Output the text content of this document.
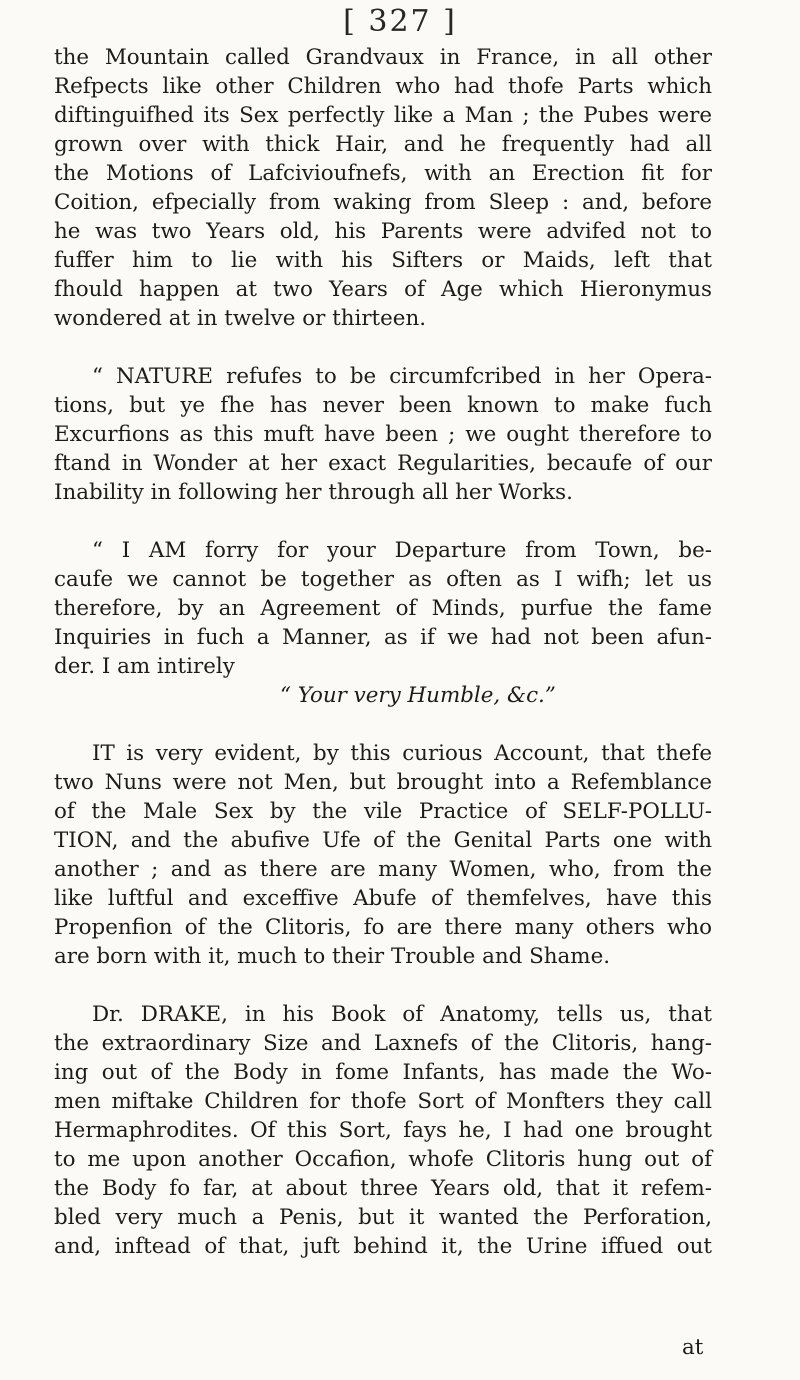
[ 327 ]
the Mountain called Grandvaux in France, in all other
Refpects like other Children who had thofe Parts which
diftinguifhed its Sex perfectly like a Man ; the Pubes were
grown over with thick Hair, and he frequently had all
the Motions of Lafcivioufnefs, with an Erection fit for
Coition, efpecially from waking from Sleep : and, before
he was two Years old, his Parents were advifed not to
fuffer him to lie with his Sifters or Maids, left that
fhould happen at two Years of Age which Hieronymus
wondered at in twelve or thirteen.
“ NATURE refufes to be circumfcribed in her Opera-
tions, but ye fhe has never been known to make fuch
Excurfions as this muft have been ; we ought therefore to
ftand in Wonder at her exact Regularities, becaufe of our
Inability in following her through all her Works.
“ I AM forry for your Departure from Town, be-
caufe we cannot be together as often as I wifh; let us
therefore, by an Agreement of Minds, purfue the fame
Inquiries in fuch a Manner, as if we had not been afun-
der. I am intirely
“ Your very Humble, &c.”
IT is very evident, by this curious Account, that thefe
two Nuns were not Men, but brought into a Refemblance
of the Male Sex by the vile Practice of SELF-POLLU-
TION, and the abufive Ufe of the Genital Parts one with
another ; and as there are many Women, who, from the
like luftful and exceffive Abufe of themfelves, have this
Propenfion of the Clitoris, fo are there many others who
are born with it, much to their Trouble and Shame.
Dr. DRAKE, in his Book of Anatomy, tells us, that
the extraordinary Size and Laxnefs of the Clitoris, hang-
ing out of the Body in fome Infants, has made the Wo-
men miftake Children for thofe Sort of Monfters they call
Hermaphrodites. Of this Sort, fays he, I had one brought
to me upon another Occafion, whofe Clitoris hung out of
the Body fo far, at about three Years old, that it refem-
bled very much a Penis, but it wanted the Perforation,
and, inftead of that, juft behind it, the Urine iffued out
at
